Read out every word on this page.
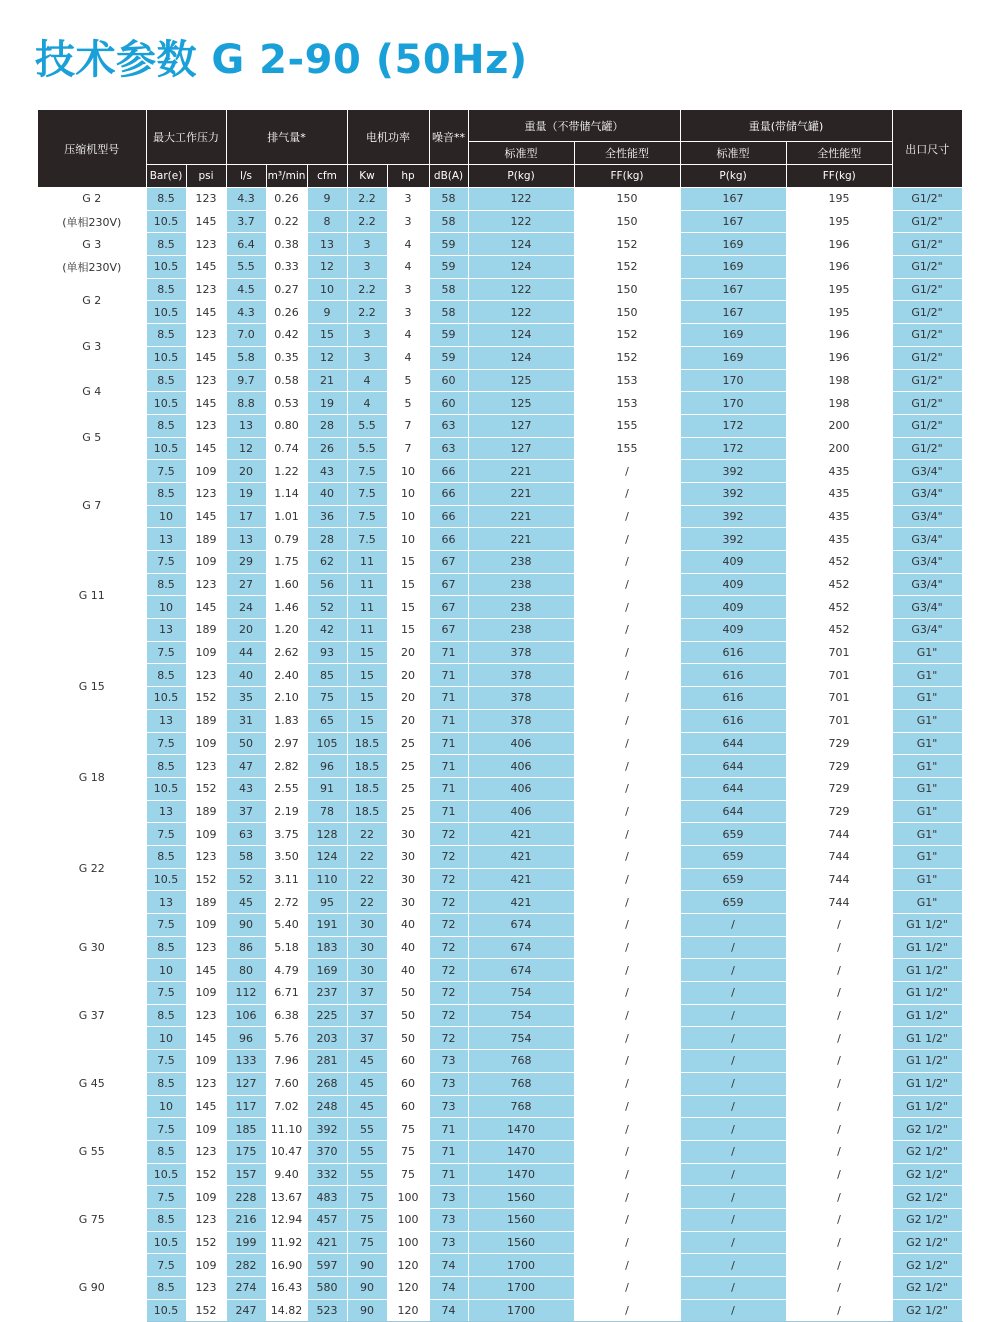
技术参数 G 2-90 (50Hz)
压缩机型号	最大工作压力		排气量*			电机功率		噪音**	重量（不带储气罐）		重量(带储气罐)		出口尺寸
									标准型	全性能型	标准型	全性能型	
	Bar(e)	psi	l/s	m³/min	cfm	Kw	hp	dB(A)	P(kg)	FF(kg)	P(kg)	FF(kg)	
G 2	8.5	123	4.3	0.26	9	2.2	3	58	122	150	167	195	G1/2"
(单相230V)	10.5	145	3.7	0.22	8	2.2	3	58	122	150	167	195	G1/2"
G 3	8.5	123	6.4	0.38	13	3	4	59	124	152	169	196	G1/2"
(单相230V)	10.5	145	5.5	0.33	12	3	4	59	124	152	169	196	G1/2"
G 2	8.5	123	4.5	0.27	10	2.2	3	58	122	150	167	195	G1/2"
	10.5	145	4.3	0.26	9	2.2	3	58	122	150	167	195	G1/2"
G 3	8.5	123	7.0	0.42	15	3	4	59	124	152	169	196	G1/2"
	10.5	145	5.8	0.35	12	3	4	59	124	152	169	196	G1/2"
G 4	8.5	123	9.7	0.58	21	4	5	60	125	153	170	198	G1/2"
	10.5	145	8.8	0.53	19	4	5	60	125	153	170	198	G1/2"
G 5	8.5	123	13	0.80	28	5.5	7	63	127	155	172	200	G1/2"
	10.5	145	12	0.74	26	5.5	7	63	127	155	172	200	G1/2"
G 7	7.5	109	20	1.22	43	7.5	10	66	221	/	392	435	G3/4"
	8.5	123	19	1.14	40	7.5	10	66	221	/	392	435	G3/4"
	10	145	17	1.01	36	7.5	10	66	221	/	392	435	G3/4"
	13	189	13	0.79	28	7.5	10	66	221	/	392	435	G3/4"
G 11	7.5	109	29	1.75	62	11	15	67	238	/	409	452	G3/4"
	8.5	123	27	1.60	56	11	15	67	238	/	409	452	G3/4"
	10	145	24	1.46	52	11	15	67	238	/	409	452	G3/4"
	13	189	20	1.20	42	11	15	67	238	/	409	452	G3/4"
G 15	7.5	109	44	2.62	93	15	20	71	378	/	616	701	G1"
	8.5	123	40	2.40	85	15	20	71	378	/	616	701	G1"
	10.5	152	35	2.10	75	15	20	71	378	/	616	701	G1"
	13	189	31	1.83	65	15	20	71	378	/	616	701	G1"
G 18	7.5	109	50	2.97	105	18.5	25	71	406	/	644	729	G1"
	8.5	123	47	2.82	96	18.5	25	71	406	/	644	729	G1"
	10.5	152	43	2.55	91	18.5	25	71	406	/	644	729	G1"
	13	189	37	2.19	78	18.5	25	71	406	/	644	729	G1"
G 22	7.5	109	63	3.75	128	22	30	72	421	/	659	744	G1"
	8.5	123	58	3.50	124	22	30	72	421	/	659	744	G1"
	10.5	152	52	3.11	110	22	30	72	421	/	659	744	G1"
	13	189	45	2.72	95	22	30	72	421	/	659	744	G1"
G 30	7.5	109	90	5.40	191	30	40	72	674	/	/	/	G1 1/2"
	8.5	123	86	5.18	183	30	40	72	674	/	/	/	G1 1/2"
	10	145	80	4.79	169	30	40	72	674	/	/	/	G1 1/2"
G 37	7.5	109	112	6.71	237	37	50	72	754	/	/	/	G1 1/2"
	8.5	123	106	6.38	225	37	50	72	754	/	/	/	G1 1/2"
	10	145	96	5.76	203	37	50	72	754	/	/	/	G1 1/2"
G 45	7.5	109	133	7.96	281	45	60	73	768	/	/	/	G1 1/2"
	8.5	123	127	7.60	268	45	60	73	768	/	/	/	G1 1/2"
	10	145	117	7.02	248	45	60	73	768	/	/	/	G1 1/2"
G 55	7.5	109	185	11.10	392	55	75	71	1470	/	/	/	G2 1/2"
	8.5	123	175	10.47	370	55	75	71	1470	/	/	/	G2 1/2"
	10.5	152	157	9.40	332	55	75	71	1470	/	/	/	G2 1/2"
G 75	7.5	109	228	13.67	483	75	100	73	1560	/	/	/	G2 1/2"
	8.5	123	216	12.94	457	75	100	73	1560	/	/	/	G2 1/2"
	10.5	152	199	11.92	421	75	100	73	1560	/	/	/	G2 1/2"
G 90	7.5	109	282	16.90	597	90	120	74	1700	/	/	/	G2 1/2"
	8.5	123	274	16.43	580	90	120	74	1700	/	/	/	G2 1/2"
	10.5	152	247	14.82	523	90	120	74	1700	/	/	/	G2 1/2"
